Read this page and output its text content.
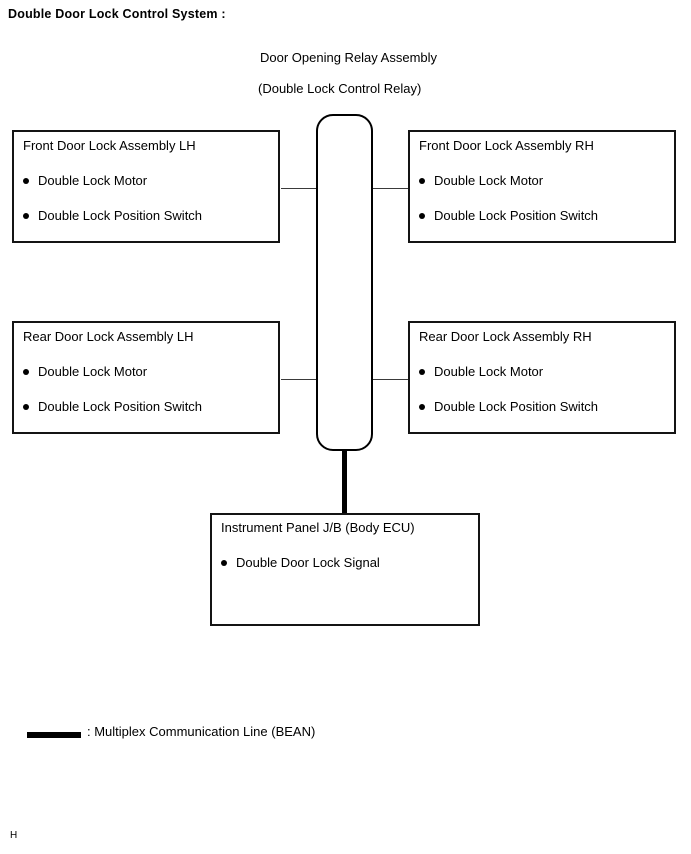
Double Door Lock Control System :
Door Opening Relay Assembly
(Double Lock Control Relay)
Front Door Lock Assembly LH
Double Lock Motor
Double Lock Position Switch
Front Door Lock Assembly RH
Double Lock Motor
Double Lock Position Switch
Rear Door Lock Assembly LH
Double Lock Motor
Double Lock Position Switch
Rear Door Lock Assembly RH
Double Lock Motor
Double Lock Position Switch
Instrument Panel J/B (Body ECU)
Double Door Lock Signal
: Multiplex Communication Line (BEAN)
H
